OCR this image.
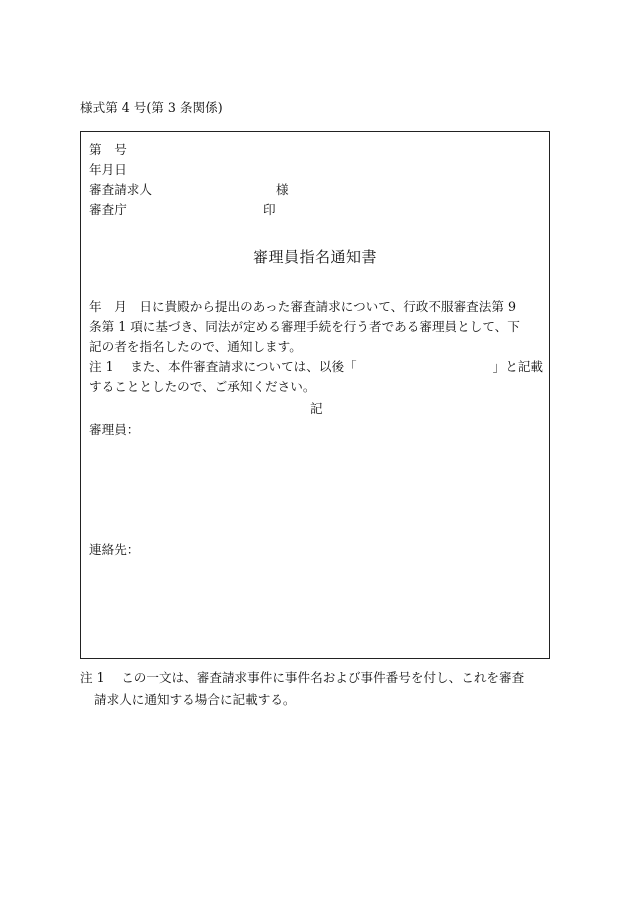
様式第 4 号(第 3 条関係)
第　号
年月日
審査請求人	様
審査庁	印
審理員指名通知書
年　月　日に貴殿から提出のあった審査請求について、行政不服審査法第 9
条第 1 項に基づき、同法が定める審理手続を行う者である審理員として、下
記の者を指名したので、通知します。
注 1　 また、本件審査請求については、以後「	」と記載
することとしたので、ご承知ください。
記
審理員：
連絡先：
注 1　 この一文は、審査請求事件に事件名および事件番号を付し、これを審査
請求人に通知する場合に記載する。
